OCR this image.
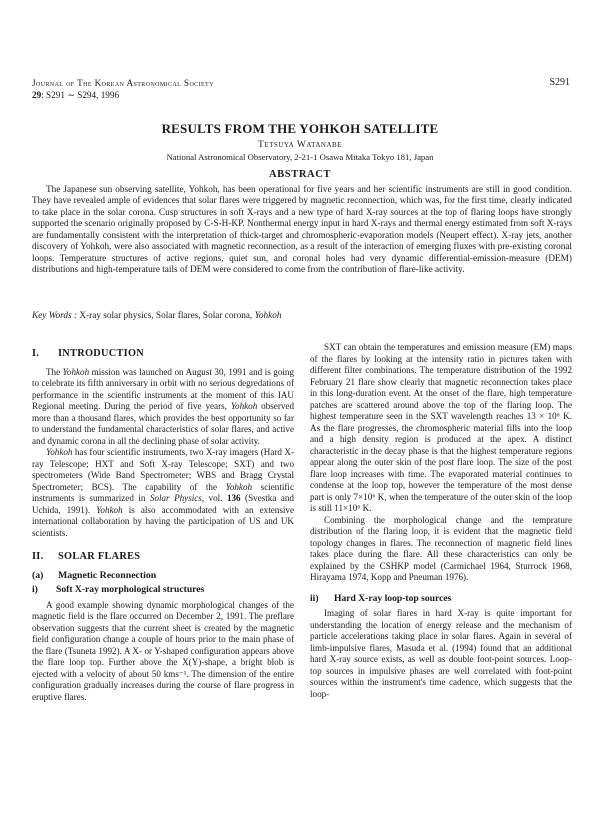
Journal of The Korean Astronomical Society
29: S291 ∼ S294, 1996
S291
RESULTS FROM THE YOHKOH SATELLITE
Tetsuya Watanabe
National Astronomical Observatory, 2-21-1 Osawa Mitaka Tokyo 181, Japan
ABSTRACT
The Japanese sun observing satellite, Yohkoh, has been operational for five years and her scientific instruments are still in good condition. They have revealed ample of evidences that solar flares were triggered by magnetic reconnection, which was, for the first time, clearly indicated to take place in the solar corona. Cusp structures in soft X-rays and a new type of hard X-ray sources at the top of flaring loops have strongly supported the scenario originally proposed by C-S-H-KP. Nonthermal energy input in hard X-rays and thermal energy estimated from soft X-rays are fundamentally consistent with the interpretation of thick-target and chromospheric-evaporation models (Neupert effect). X-ray jets, another discovery of Yohkoh, were also associated with magnetic reconnection, as a result of the interaction of emerging fluxes with pre-existing coronal loops. Temperature structures of active regions, quiet sun, and coronal holes had very dynamic differential-emission-measure (DEM) distributions and high-temperature tails of DEM were considered to come from the contribution of flare-like activity.
Key Words : X-ray solar physics, Solar flares, Solar corona, Yohkoh
I. INTRODUCTION

The Yohkoh mission was launched on August 30, 1991 and is going to celebrate its fifth anniversary in orbit with no serious degredations of performance in the scientific instruments at the moment of this IAU Regional meeting. During the period of five years, Yohkoh observed more than a thousand flares, which provides the best opportunity so far to understand the fundamental characteristics of solar flares, and active and dynamic corona in all the declining phase of solar activity.

Yohkoh has four scientific instruments, two X-ray imagers (Hard X-ray Telescope; HXT and Soft X-ray Telescope; SXT) and two spectrometers (Wide Band Spectrometer; WBS and Bragg Crystal Spectrometer; BCS). The capability of the Yohkoh scientific instruments is summarized in Solar Physics, vol. 136 (Svestka and Uchida, 1991). Yohkoh is also accommodated with an extensive international collaboration by having the participation of US and UK scientists.

II. SOLAR FLARES
(a) Magnetic Reconnection
i) Soft X-ray morphological structures

A good example showing dynamic morphological changes of the magnetic field is the flare occurred on December 2, 1991. The preflare observation suggests that the current sheet is created by the magnetic field configuration change a couple of hours prior to the main phase of the flare (Tsuneta 1992). A X- or Y-shaped configuration appears above the flare loop top. Further above the X(Y)-shape, a bright blob is ejected with a velocity of about 50 kms⁻¹. The dimension of the entire configuration gradually increases during the course of flare progress in eruptive flares.

SXT can obtain the temperatures and emission measure (EM) maps of the flares by looking at the intensity ratio in pictures taken with different filter combinations. The temperature distribution of the 1992 February 21 flare show clearly that magnetic reconnection takes place in this long-duration event. At the onset of the flare, high temperature patches are scattered around above the top of the flaring loop. The highest temperature seen in the SXT wavelength reaches 13 × 10⁶ K. As the flare progresses, the chromospheric material fills into the loop and a high density region is produced at the apex. A distinct characteristic in the decay phase is that the highest temperature regions appear along the outer skin of the post flare loop. The size of the post flare loop increases with time. The evaporated material continues to condense at the loop top, however the temperature of the most dense part is only 7×10⁶ K, when the temperature of the outer skin of the loop is still 11×10⁶ K.

Combining the morphological change and the temprature distribution of the flaring loop, it is evident that the magnetic field topology changes in flares. The reconnection of magnetic field lines takes place during the flare. All these characteristics can only be explained by the CSHKP model (Carmichael 1964, Sturrock 1968, Hirayama 1974, Kopp and Pneuman 1976).

ii) Hard X-ray loop-top sources

Imaging of solar flares in hard X-ray is quite important for understanding the location of energy release and the mechanism of particle accelerations taking place in solar flares. Again in several of limb-impulsive flares, Masuda et al. (1994) found that an additional hard X-ray source exists, as well as double foot-point sources. Loop-top sources in impulsive phases are well correlated with foot-point sources within the instrument's time cadence, which suggests that the loop-
